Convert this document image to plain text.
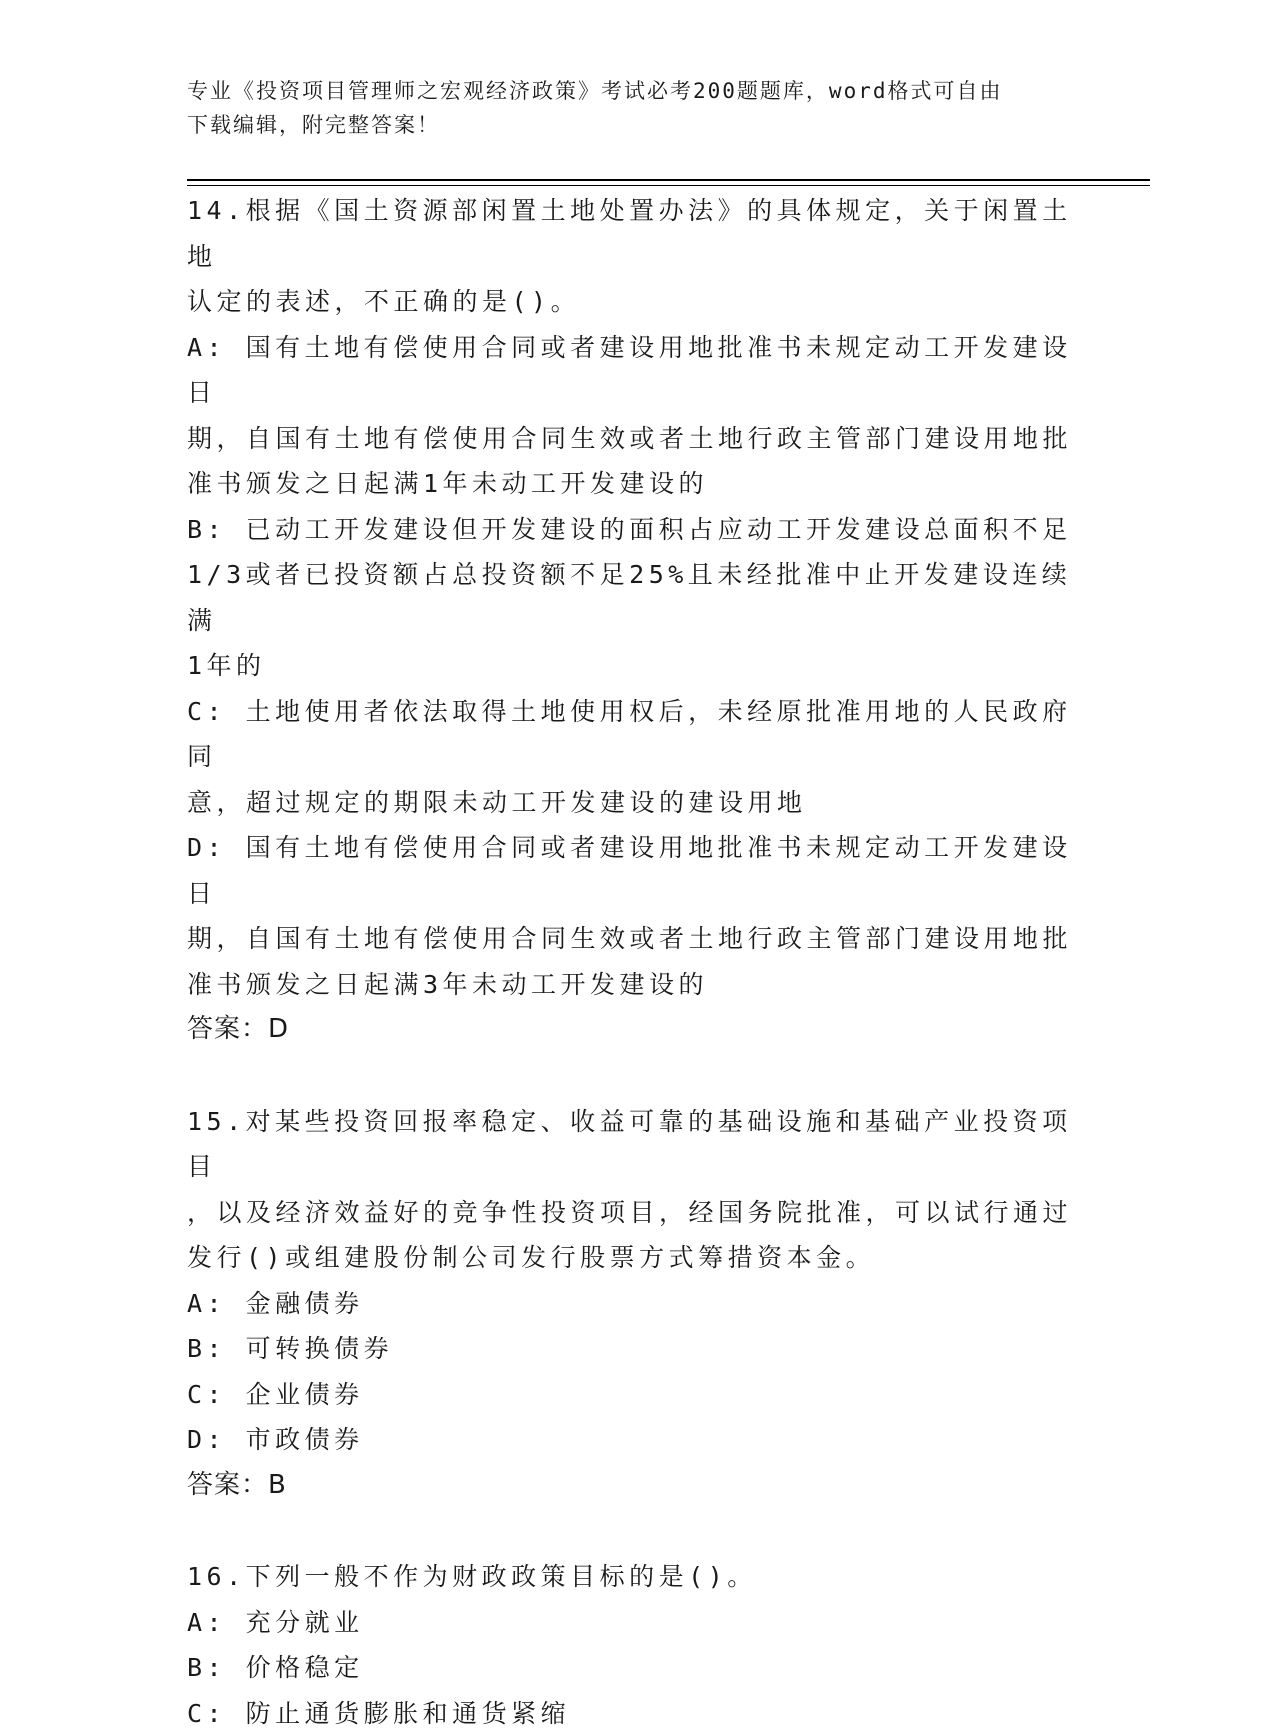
专业《投资项目管理师之宏观经济政策》考试必考200题题库，word格式可自由
下载编辑，附完整答案！

14.根据《国土资源部闲置土地处置办法》的具体规定，关于闲置土地

认定的表述，不正确的是()。

A: 国有土地有偿使用合同或者建设用地批准书未规定动工开发建设日

期，自国有土地有偿使用合同生效或者土地行政主管部门建设用地批

准书颁发之日起满1年未动工开发建设的

B: 已动工开发建设但开发建设的面积占应动工开发建设总面积不足

1/3或者已投资额占总投资额不足25%且未经批准中止开发建设连续满

1年的

C: 土地使用者依法取得土地使用权后，未经原批准用地的人民政府同

意，超过规定的期限未动工开发建设的建设用地

D: 国有土地有偿使用合同或者建设用地批准书未规定动工开发建设日

期，自国有土地有偿使用合同生效或者土地行政主管部门建设用地批

准书颁发之日起满3年未动工开发建设的

答案：D

15.对某些投资回报率稳定、收益可靠的基础设施和基础产业投资项目

，以及经济效益好的竞争性投资项目，经国务院批准，可以试行通过

发行()或组建股份制公司发行股票方式筹措资本金。

A: 金融债券

B: 可转换债券

C: 企业债券

D: 市政债券

答案：B

16.下列一般不作为财政政策目标的是()。

A: 充分就业

B: 价格稳定

C: 防止通货膨胀和通货紧缩
